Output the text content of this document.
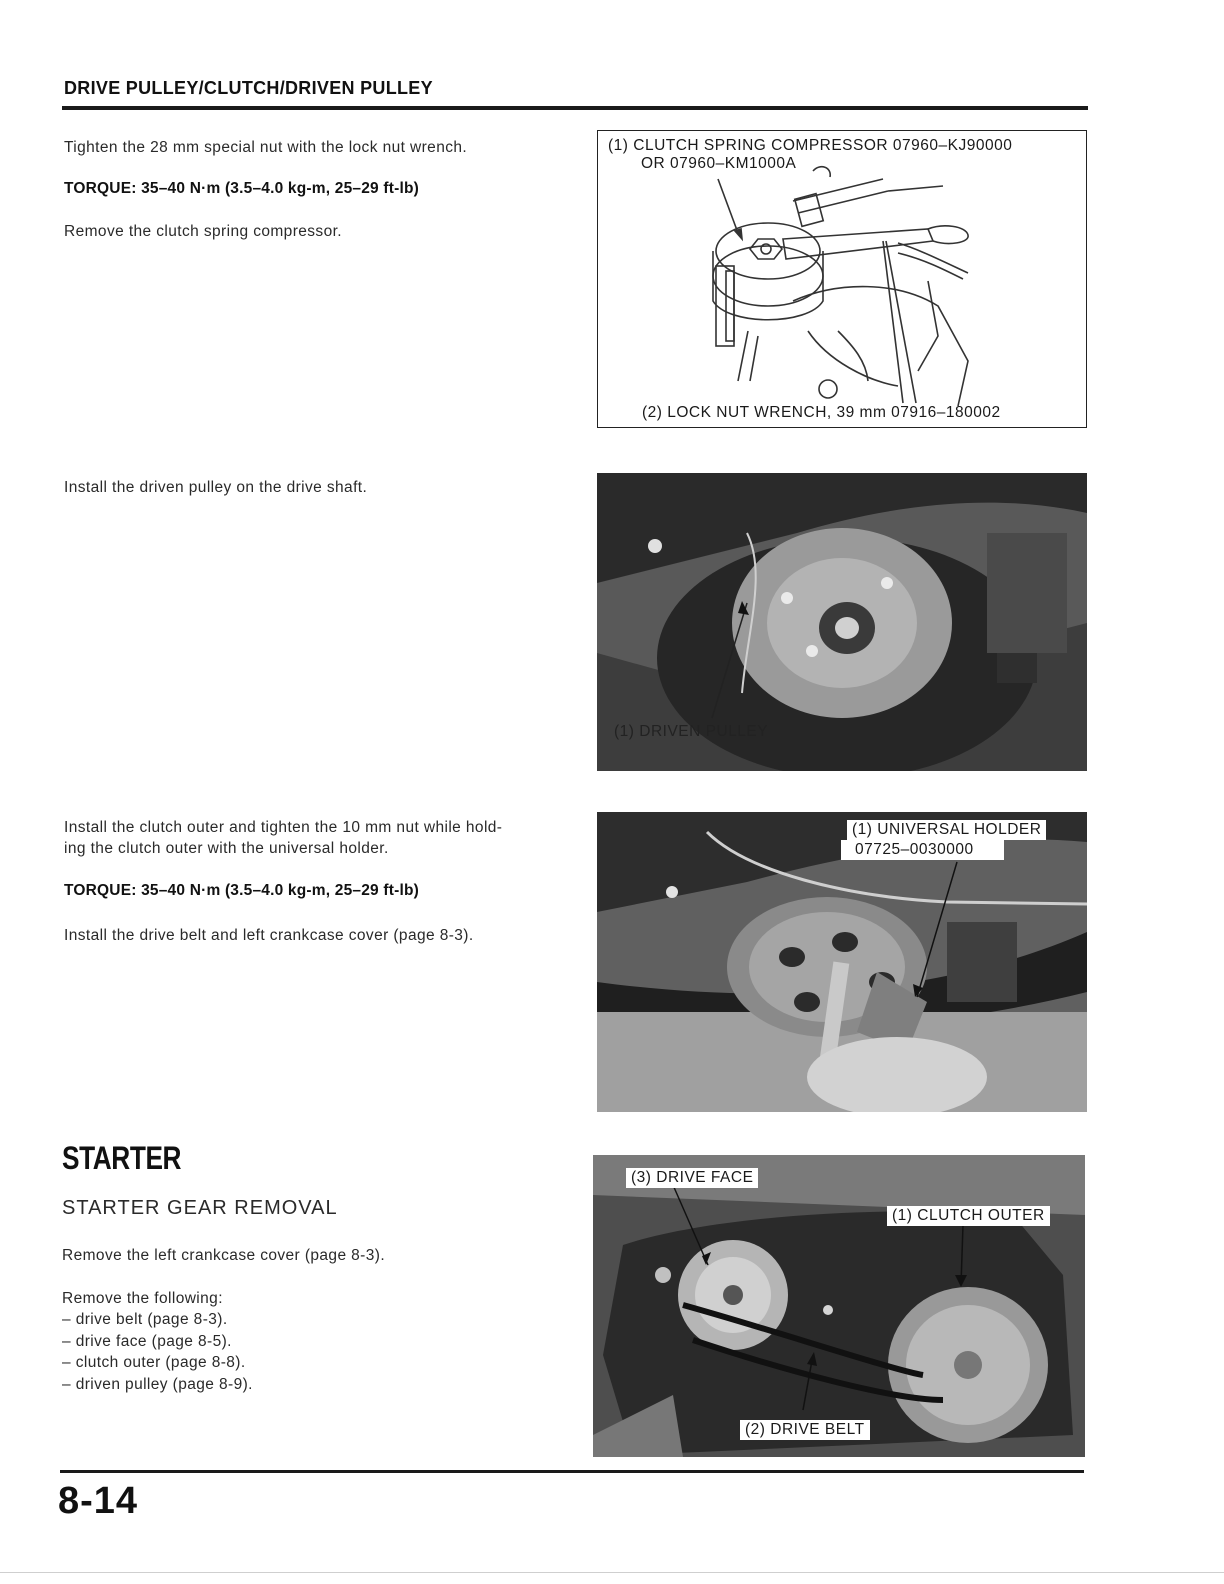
DRIVE PULLEY/CLUTCH/DRIVEN PULLEY
Tighten the 28 mm special nut with the lock nut wrench.
TORQUE: 35–40 N·m (3.5–4.0 kg-m, 25–29 ft-lb)
Remove the clutch spring compressor.
(1) CLUTCH SPRING COMPRESSOR 07960–KJ90000
OR 07960–KM1000A
(2) LOCK NUT WRENCH, 39 mm 07916–180002
Install the driven pulley on the drive shaft.
(1) DRIVEN PULLEY
Install the clutch outer and tighten the 10 mm nut while hold-
ing the clutch outer with the universal holder.
TORQUE: 35–40 N·m (3.5–4.0 kg-m, 25–29 ft-lb)
Install the drive belt and left crankcase cover (page 8-3).
(1) UNIVERSAL HOLDER
07725–0030000
STARTER
STARTER GEAR REMOVAL
Remove the left crankcase cover (page 8-3).
Remove the following:
– drive belt (page 8-3).
– drive face (page 8-5).
– clutch outer (page 8-8).
– driven pulley (page 8-9).
(3) DRIVE FACE
(1) CLUTCH OUTER
(2) DRIVE BELT
8-14
